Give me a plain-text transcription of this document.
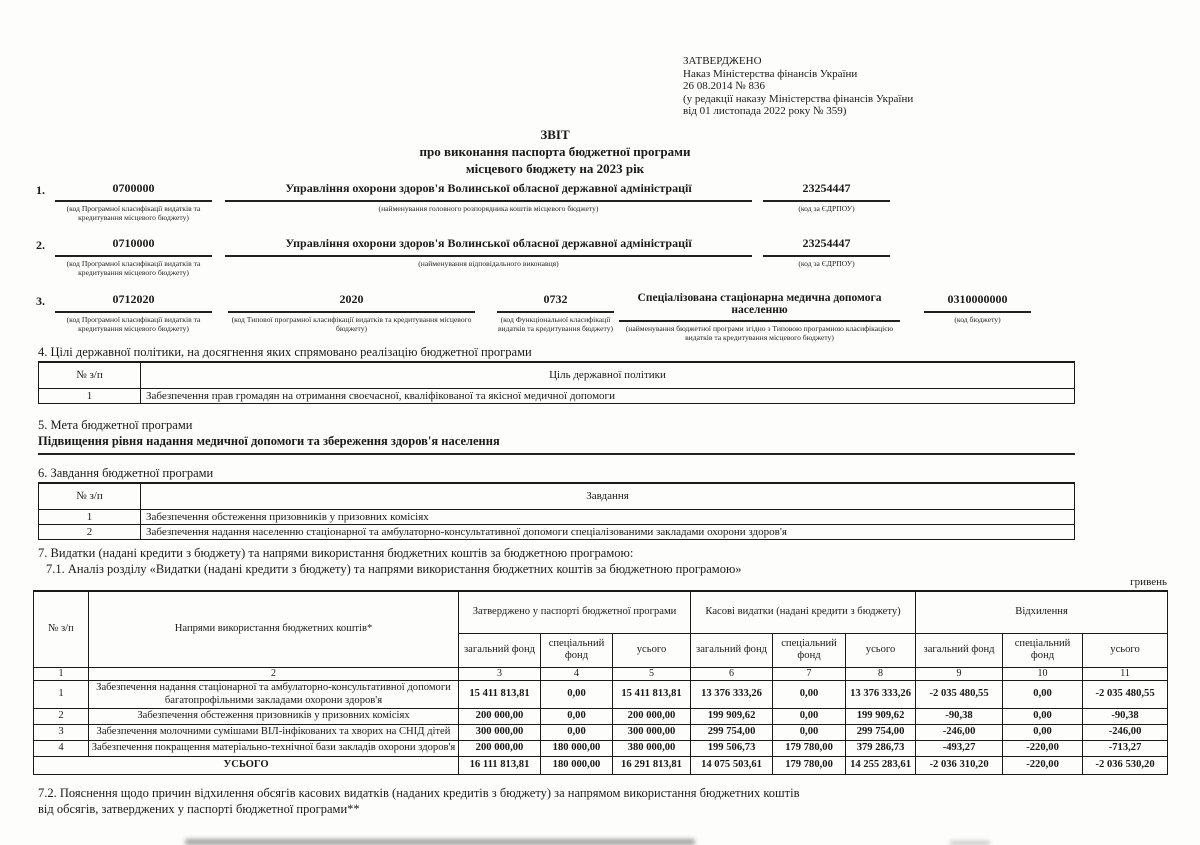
ЗАТВЕРДЖЕНО
Наказ Міністерства фінансів України
26 08.2014 № 836
(у редакції наказу Міністерства фінансів України
від 01 листопада 2022 року № 359)
ЗВІТ
про виконання паспорта бюджетної програми
місцевого бюджету на 2023 рік
1.	0700000
(код Програмної класифікації видатків та кредитування місцевого бюджету)
Управління охорони здоров'я Волинської обласної державної адміністрації
(найменування головного розпорядника коштів місцевого бюджету)
23254447
(код за ЄДРПОУ)
2.	0710000
(код Програмної класифікації видатків та кредитування місцевого бюджету)
Управління охорони здоров'я Волинської обласної державної адміністрації
(найменування відповідального виконавця)
23254447
(код за ЄДРПОУ)
3.	0712020
(код Програмної класифікації видатків та кредитування місцевого бюджету)
2020
(код Типової програмної класифікації видатків та кредитування місцевого бюджету)
0732
(код Функціональної класифікації видатків та кредитування бюджету)
Спеціалізована стаціонарна медична допомога населенню
(найменування бюджетної програми згідно з Типовою програмною класифікацією видатків та кредитування місцевого бюджету)
0310000000
(код бюджету)
4. Цілі державної політики, на досягнення яких спрямовано реалізацію бюджетної програми
№ з/п	Ціль державної політики
1	Забезпечення прав громадян на отримання своєчасної, кваліфікованої та якісної медичної допомоги
5. Мета бюджетної програми
Підвищення рівня надання медичної допомоги та збереження здоров'я населення
6. Завдання бюджетної програми
№ з/п	Завдання
1	Забезпечення обстеження призовників у призовних комісіях
2	Забезпечення надання населенню стаціонарної та амбулаторно-консультативної допомоги спеціалізованими закладами охорони здоров'я
7. Видатки (надані кредити з бюджету) та напрями використання бюджетних коштів за бюджетною програмою:
7.1. Аналіз розділу «Видатки (надані кредити з бюджету) та напрями використання бюджетних коштів за бюджетною програмою»
гривень
№ з/п	Напрями використання бюджетних коштів*	Затверджено у паспорті бюджетної програми			Касові видатки (надані кредити з бюджету)			Відхилення		
		загальний фонд	спеціальний фонд	усього	загальний фонд	спеціальний фонд	усього	загальний фонд	спеціальний фонд	усього
1	2	3	4	5	6	7	8	9	10	11
1	Забезпечення надання стаціонарної та амбулаторно-консультативної допомоги багатопрофільними закладами охорони здоров'я	15 411 813,81	0,00	15 411 813,81	13 376 333,26	0,00	13 376 333,26	-2 035 480,55	0,00	-2 035 480,55
2	Забезпечення обстеження призовників у призовних комісіях	200 000,00	0,00	200 000,00	199 909,62	0,00	199 909,62	-90,38	0,00	-90,38
3	Забезпечення молочними сумішами ВІЛ-інфікованих та хворих на СНІД дітей	300 000,00	0,00	300 000,00	299 754,00	0,00	299 754,00	-246,00	0,00	-246,00
4	Забезпечення покращення матеріально-технічної бази закладів охорони здоров'я	200 000,00	180 000,00	380 000,00	199 506,73	179 780,00	379 286,73	-493,27	-220,00	-713,27
УСЬОГО		16 111 813,81	180 000,00	16 291 813,81	14 075 503,61	179 780,00	14 255 283,61	-2 036 310,20	-220,00	-2 036 530,20
7.2. Пояснення щодо причин відхилення обсягів касових видатків (наданих кредитів з бюджету) за напрямом використання бюджетних коштів
від обсягів, затверджених у паспорті бюджетної програми**
